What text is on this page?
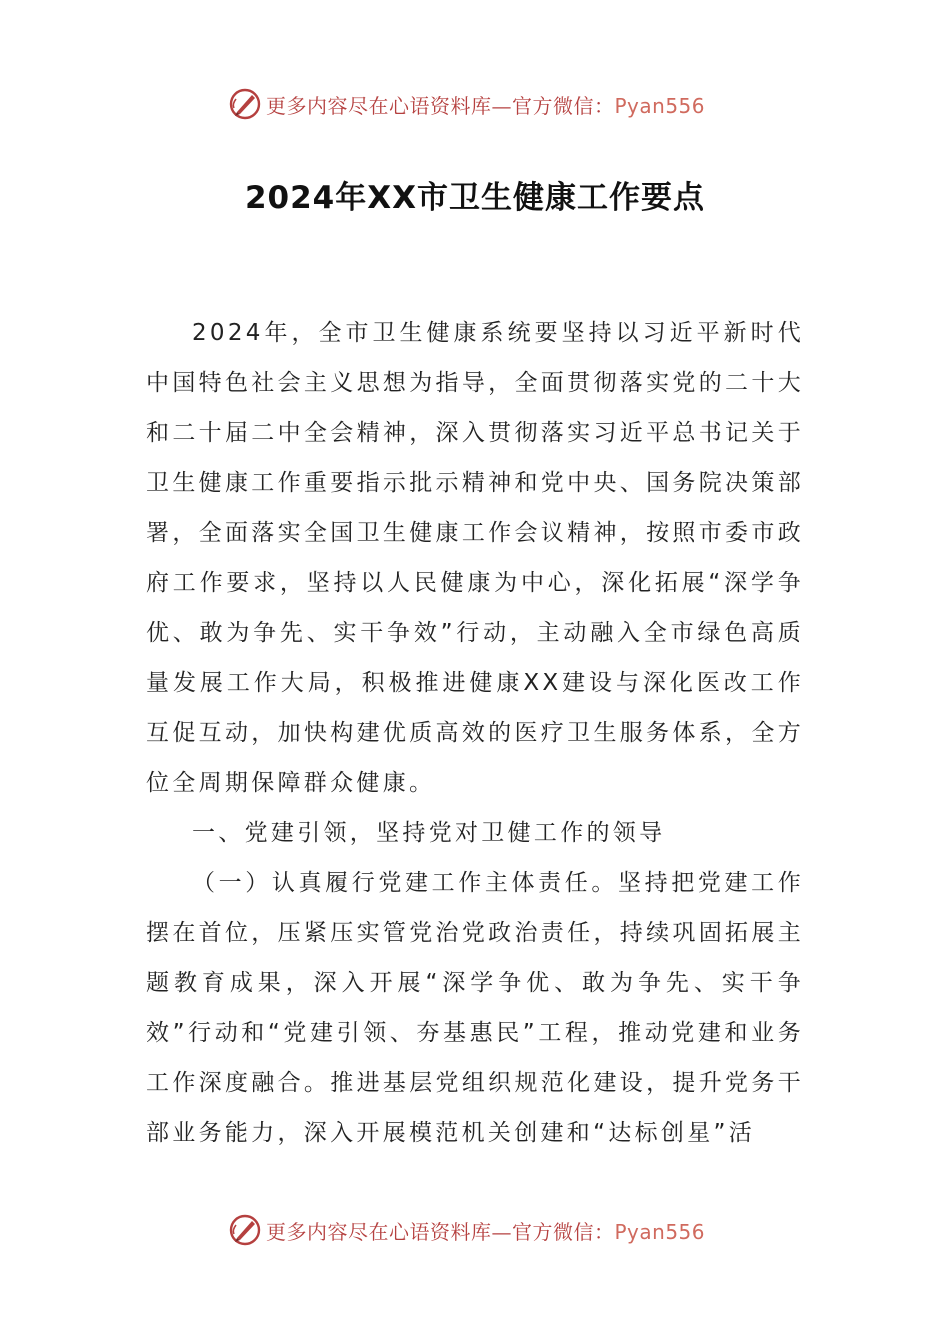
更多内容尽在心语资料库—官方微信：Pyan556
2024年XX市卫生健康工作要点

2024年，全市卫生健康系统要坚持以习近平新时代中国特色社会主义思想为指导，全面贯彻落实党的二十大和二十届二中全会精神，深入贯彻落实习近平总书记关于卫生健康工作重要指示批示精神和党中央、国务院决策部署，全面落实全国卫生健康工作会议精神，按照市委市政府工作要求，坚持以人民健康为中心，深化拓展“深学争优、敢为争先、实干争效”行动，主动融入全市绿色高质量发展工作大局，积极推进健康XX建设与深化医改工作互促互动，加快构建优质高效的医疗卫生服务体系，全方位全周期保障群众健康。

一、党建引领，坚持党对卫健工作的领导

（一）认真履行党建工作主体责任。坚持把党建工作摆在首位，压紧压实管党治党政治责任，持续巩固拓展主题教育成果，深入开展“深学争优、敢为争先、实干争效”行动和“党建引领、夯基惠民”工程，推动党建和业务工作深度融合。推进基层党组织规范化建设，提升党务干部业务能力，深入开展模范机关创建和“达标创星”活

更多内容尽在心语资料库—官方微信：Pyan556
